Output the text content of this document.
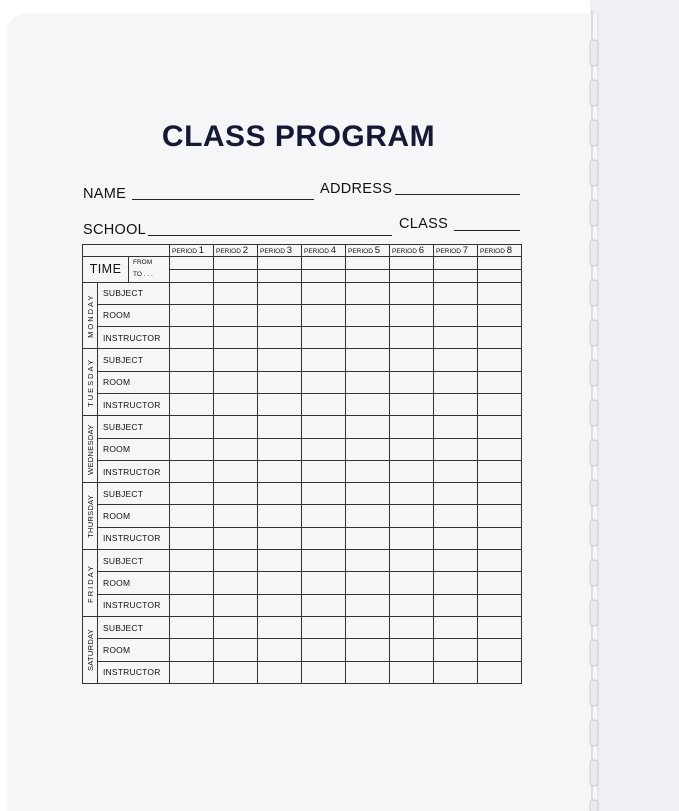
CLASS PROGRAM
NAME	ADDRESS
SCHOOL	CLASS
			PERIOD 1	PERIOD 2	PERIOD 3	PERIOD 4	PERIOD 5	PERIOD 6	PERIOD 7	PERIOD 8
TIME		FROM
TO . . .								

MONDAY	SUBJECT									
	ROOM									
	INSTRUCTOR									
TUESDAY	SUBJECT									
	ROOM									
	INSTRUCTOR									
WEDNESDAY	SUBJECT									
	ROOM									
	INSTRUCTOR									
THURSDAY	SUBJECT									
	ROOM									
	INSTRUCTOR									
FRIDAY	SUBJECT									
	ROOM									
	INSTRUCTOR									
SATURDAY	SUBJECT									
	ROOM									
	INSTRUCTOR									
